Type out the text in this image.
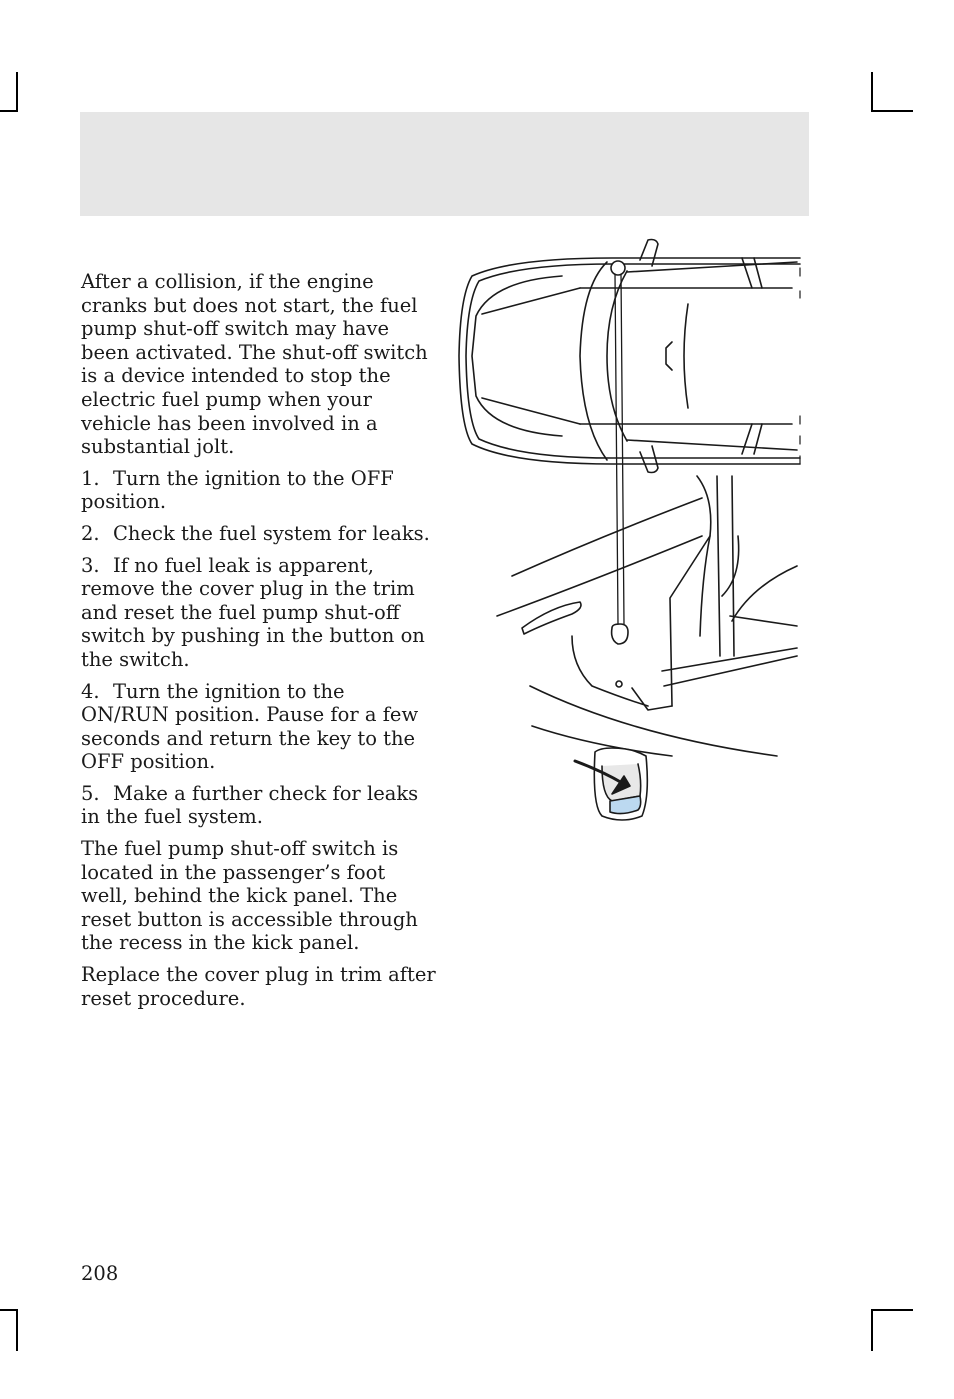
After a collision, if the engine cranks but does not start, the fuel pump shut-off switch may have been activated. The shut-off switch is a device intended to stop the electric fuel pump when your vehicle has been involved in a substantial jolt.

1. Turn the ignition to the OFF position.

2. Check the fuel system for leaks.

3. If no fuel leak is apparent, remove the cover plug in the trim and reset the fuel pump shut-off switch by pushing in the button on the switch.

4. Turn the ignition to the ON/RUN position. Pause for a few seconds and return the key to the OFF position.

5. Make a further check for leaks in the fuel system.

The fuel pump shut-off switch is located in the passenger’s foot well, behind the kick panel. The reset button is accessible through the recess in the kick panel.

Replace the cover plug in trim after reset procedure.

208
